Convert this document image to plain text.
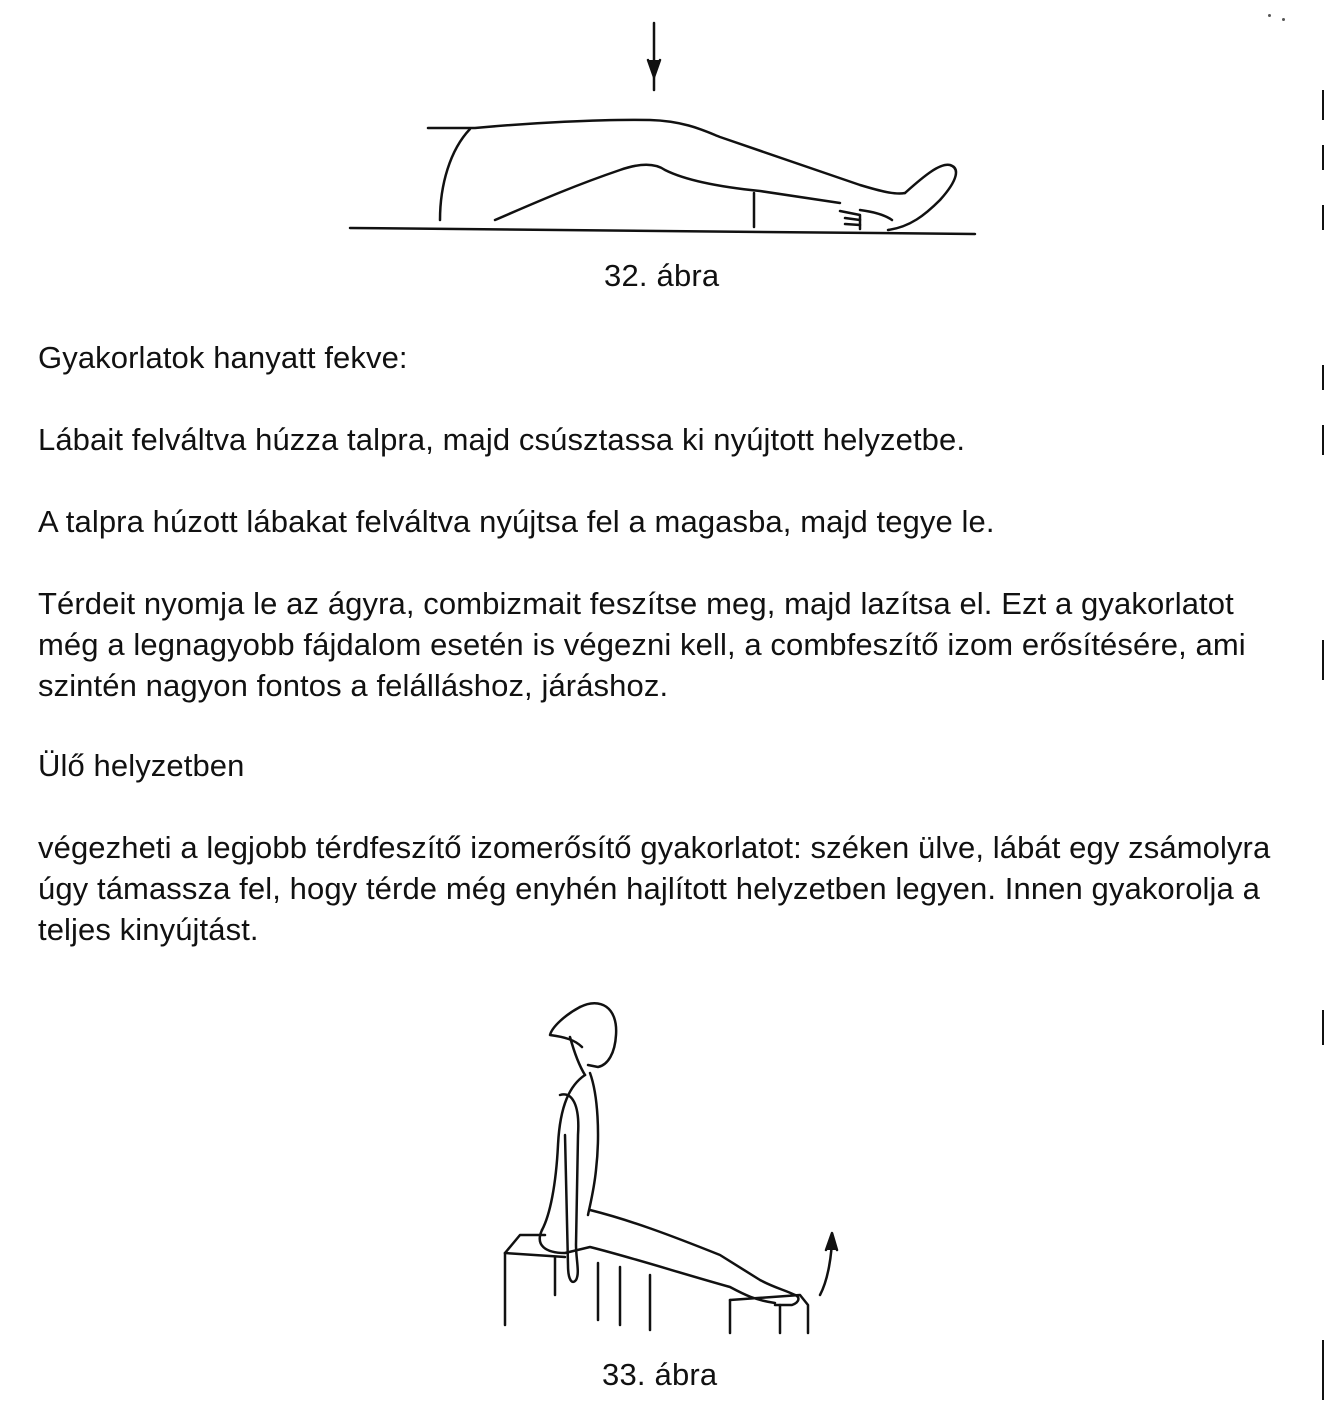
32. ábra

Gyakorlatok hanyatt fekve:

Lábait felváltva húzza talpra, majd csúsztassa ki nyújtott helyzetbe.

A talpra húzott lábakat felváltva nyújtsa fel a magasba, majd tegye le.

Térdeit nyomja le az ágyra, combizmait feszítse meg, majd lazítsa el. Ezt a gyakorlatot még a legnagyobb fájdalom esetén is végezni kell, a combfeszítő izom erősítésére, ami szintén nagyon fontos a felálláshoz, járáshoz.

Ülő helyzetben

végezheti a legjobb térdfeszítő izomerősítő gyakorlatot: széken ülve, lábát egy zsámolyra úgy támassza fel, hogy térde még enyhén hajlított helyzetben legyen. Innen gyakorolja a teljes kinyújtást.

33. ábra
